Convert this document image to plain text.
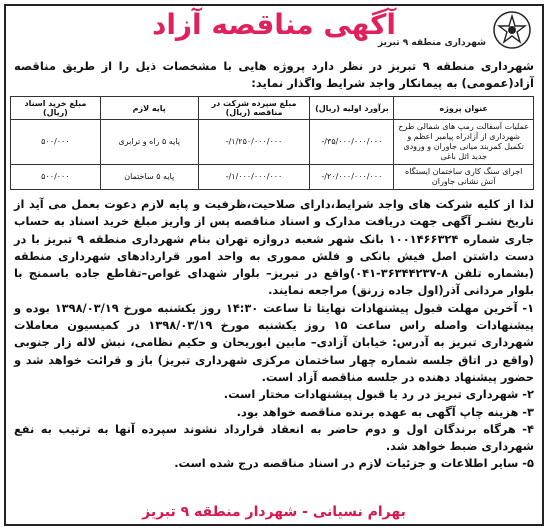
شهرداری منطقه ۹ تبریز
آگهی مناقصه آزاد

شهرداری منطقه ۹ تبریز در نظر دارد پروژه هایی با مشخصات ذیل را از طریق مناقصه آزاد(عمومی) به پیمانکار واجد شرایط واگذار نماید:

عنوان پروژه	برآورد اولیه (ریال)	مبلغ سپرده شرکت در مناقصه (ریال)	پایه لازم	مبلغ خرید اسناد (ریال)
عملیات آسفالت رمپ های شمالی طرح شهرداری از آزادراه پیامبر اعظم و تکمیل کمربند میانی جاوران و ورودی جدید اثل باغی	۳۵/۰۰۰/۰۰۰/۰۰۰/-	۱/۲۵۰/۰۰۰/۰۰۰/-	پایه ۵ راه و ترابری	۵۰۰/۰۰۰
اجرای سنگ کاری ساختمان ایستگاه آتش نشانی جاوران	۲۰/۰۰۰/۰۰۰/۰۰۰/-	۱/۰۰۰/۰۰۰/۰۰۰/-	پایه ۵ ساختمان	۵۰۰/۰۰۰

لذا از کلیه شرکت های واجد شرایط،دارای صلاحیت،ظرفیت و پایه لازم دعوت بعمل می آید از تاریخ نشـر آگهی جهت دریافت مدارک و اسناد مناقصه پس از واریز مبلغ خرید اسناد به حساب جاری شماره ۱۰۰۱۴۶۶۳۲۴ بانک شهر شعبه دروازه تهران بنام شهرداری منطقه ۹ تبریز با در دست داشتن اصل فیش بانکی و فلش مموری به واحد امور قراردادهای شهرداری منطقه (بشماره تلفن ۸-۳۶۳۴۴۲۳۷-۰۴۱)واقع در تبریز– بلوار شهدای غواص–تقاطع جاده باسمنج با بلوار مردانی آذر(اول جاده زرنق) مراجعه نمایند.

۱- آخرین مهلت قبول پیشنهادات نهایتا تا ساعت ۱۴:۳۰ روز یکشنبه مورخ ۱۳۹۸/۰۳/۱۹ بوده و پیشنهادات واصله راس ساعت ۱۵ روز یکشنبه مورخ ۱۳۹۸/۰۳/۱۹ در کمیسیون معاملات شهرداری تبریز به آدرس: خیابان آزادی– مابین ابوریحان و حکیم نظامی، نبش لاله زار جنوبی (واقع در اتاق جلسه شماره چهار ساختمان مرکزی شهرداری تبریز) باز و قرائت خواهد شد و حضور پیشنهاد دهنده در جلسه مناقصه آزاد است.

۲- شهرداری تبریز در رد یا قبول پیشنهادات مختار است.

۳- هزینه چاپ آگهی به عهده برنده مناقصه خواهد بود.

۴- هرگاه برندگان اول و دوم حاضر به انعقاد قرارداد نشوند سپرده آنها به ترتیب به نفع شهرداری ضبط خواهد شد.

۵- سایر اطلاعات و جزئیات لازم در اسناد مناقصه درج شده است.

بهرام نسیانی - شهردار منطقه ۹ تبریز
